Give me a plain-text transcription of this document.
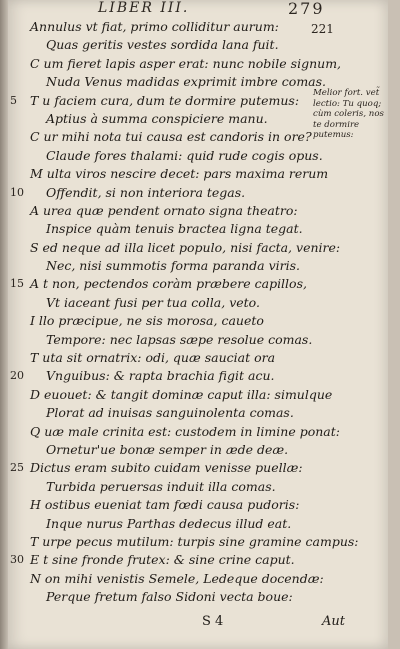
LIBER III.	279
221
Annulus vt fiat, primo colliditur aurum:
Quas geritis vestes sordida lana fuit.
C um fieret lapis asper erat: nunc nobile signum,
Nuda Venus madidas exprimit imbre comas.
5	T u faciem cura, dum te dormire putemus:
Aptius à summa conspiciere manu.
C ur mihi nota tui causa est candoris in ore?
Claude fores thalami: quid rude cogis opus.
M ulta viros nescire decet: pars maxima rerum
10 Offendit, si non interiora tegas.
A urea quæ pendent ornato signa theatro:
Inspice quàm tenuis bractea ligna tegat.
S ed neque ad illa licet populo, nisi facta, venire:
Nec, nisi summotis forma paranda viris.
15 A t non, pectendos coràm præbere capillos,
Vt iaceant fusi per tua colla, veto.
I llo præcipue, ne sis morosa, caueto
Tempore: nec lapsas sæpe resolue comas.
T uta sit ornatrix: odi, quæ sauciat ora
20 Vnguibus: & rapta brachia figit acu.
D euouet: & tangit dominæ caput illa: simulque
Plorat ad inuisas sanguinolenta comas.
Q uæ male crinita est: custodem in limine ponat:
Ornetur'ue bonæ semper in æde deæ.
25 Dictus eram subito cuidam venisse puellæ:
Turbida peruersas induit illa comas.
H ostibus eueniat tam fœdi causa pudoris:
Inque nurus Parthas dedecus illud eat.
T urpe pecus mutilum: turpis sine gramine campus:
30 E t sine fronde frutex: & sine crine caput.
N on mihi venistis Semele, Ledeque docendæ:
Perque fretum falso Sidoni vecta boue:
Melior fort. vet̃ lectio: Tu quoq; cùm coleris, nos te dormire putemus:
S 4	Aut
